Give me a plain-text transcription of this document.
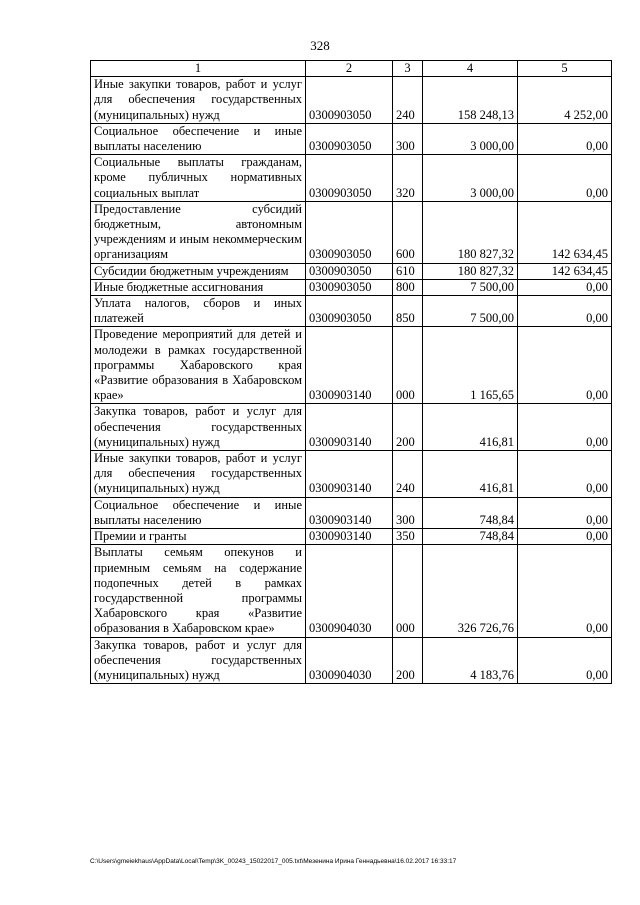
328
1	2	3	4	5
Иные закупки товаров, работ и услуг для обеспечения государственных (муниципальных) нужд	0300903050	240	158 248,13	4 252,00
Социальное обеспечение и иные выплаты населению	0300903050	300	3 000,00	0,00
Социальные выплаты гражданам, кроме публичных нормативных социальных выплат	0300903050	320	3 000,00	0,00
Предоставление субсидий бюджетным, автономным учреждениям и иным некоммерческим организациям	0300903050	600	180 827,32	142 634,45
Субсидии бюджетным учреждениям	0300903050	610	180 827,32	142 634,45
Иные бюджетные ассигнования	0300903050	800	7 500,00	0,00
Уплата налогов, сборов и иных платежей	0300903050	850	7 500,00	0,00
Проведение мероприятий для детей и молодежи в рамках государственной программы Хабаровского края «Развитие образования в Хабаровском крае»	0300903140	000	1 165,65	0,00
Закупка товаров, работ и услуг для обеспечения государственных (муниципальных) нужд	0300903140	200	416,81	0,00
Иные закупки товаров, работ и услуг для обеспечения государственных (муниципальных) нужд	0300903140	240	416,81	0,00
Социальное обеспечение и иные выплаты населению	0300903140	300	748,84	0,00
Премии и гранты	0300903140	350	748,84	0,00
Выплаты семьям опекунов и приемным семьям на содержание подопечных детей в рамках государственной программы Хабаровского края «Развитие образования в Хабаровском крае»	0300904030	000	326 726,76	0,00
Закупка товаров, работ и услуг для обеспечения государственных (муниципальных) нужд	0300904030	200	4 183,76	0,00
C:\Users\gmeiekhaus\AppData\Local\Temp\3K_00243_15022017_005.txt\Мезенина Ирина Геннадьевна\16.02.2017 16:33:17
